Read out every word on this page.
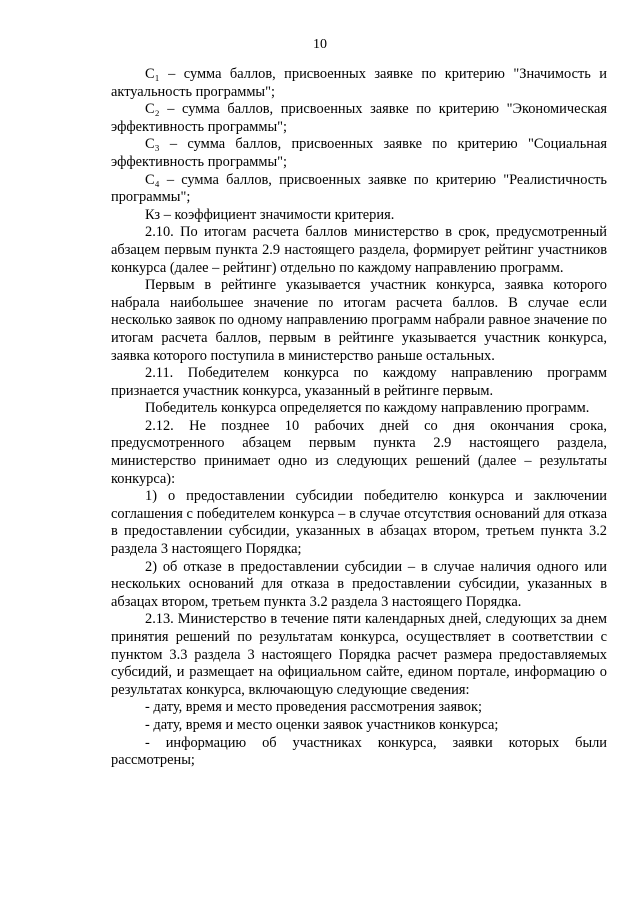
10

С₁ – сумма баллов, присвоенных заявке по критерию "Значимость и актуальность программы";

С₂ – сумма баллов, присвоенных заявке по критерию "Экономическая эффективность программы";

С₃ – сумма баллов, присвоенных заявке по критерию "Социальная эффективность программы";

С₄ – сумма баллов, присвоенных заявке по критерию "Реалистичность программы";

Кз – коэффициент значимости критерия.

2.10. По итогам расчета баллов министерство в срок, предусмотренный абзацем первым пункта 2.9 настоящего раздела, формирует рейтинг участников конкурса (далее – рейтинг) отдельно по каждому направлению программ.

Первым в рейтинге указывается участник конкурса, заявка которого набрала наибольшее значение по итогам расчета баллов. В случае если несколько заявок по одному направлению программ набрали равное значение по итогам расчета баллов, первым в рейтинге указывается участник конкурса, заявка которого поступила в министерство раньше остальных.

2.11. Победителем конкурса по каждому направлению программ признается участник конкурса, указанный в рейтинге первым.

Победитель конкурса определяется по каждому направлению программ.

2.12. Не позднее 10 рабочих дней со дня окончания срока, предусмотренного абзацем первым пункта 2.9 настоящего раздела, министерство принимает одно из следующих решений (далее – результаты конкурса):

1) о предоставлении субсидии победителю конкурса и заключении соглашения с победителем конкурса – в случае отсутствия оснований для отказа в предоставлении субсидии, указанных в абзацах втором, третьем пункта 3.2 раздела 3 настоящего Порядка;

2) об отказе в предоставлении субсидии – в случае наличия одного или нескольких оснований для отказа в предоставлении субсидии, указанных в абзацах втором, третьем пункта 3.2 раздела 3 настоящего Порядка.

2.13. Министерство в течение пяти календарных дней, следующих за днем принятия решений по результатам конкурса, осуществляет в соответствии с пунктом 3.3 раздела 3 настоящего Порядка расчет размера предоставляемых субсидий, и размещает на официальном сайте, едином портале, информацию о результатах конкурса, включающую следующие сведения:

- дату, время и место проведения рассмотрения заявок;

- дату, время и место оценки заявок участников конкурса;

- информацию об участниках конкурса, заявки которых были рассмотрены;
